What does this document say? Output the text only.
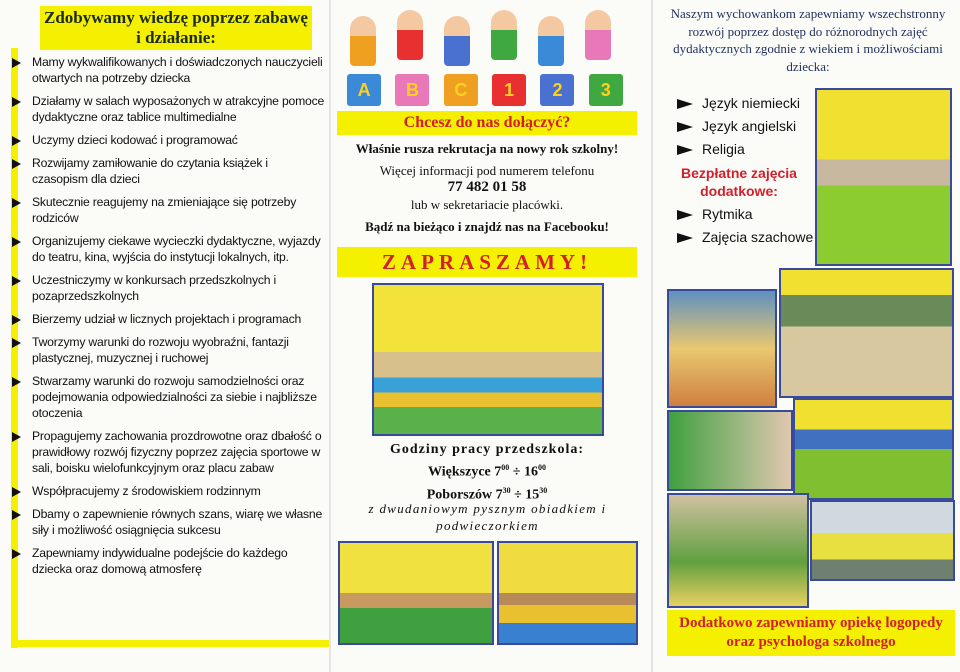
Zdobywamy wiedzę poprzez zabawę i działanie:
Mamy wykwalifikowanych i doświadczonych nauczycieli otwartych na potrzeby dziecka
Działamy w salach wyposażonych w atrakcyjne pomoce dydaktyczne oraz tablice multimedialne
Uczymy dzieci kodować i programować
Rozwijamy zamiłowanie do czytania książek i czasopism dla dzieci
Skutecznie reagujemy na zmieniające się potrzeby rodziców
Organizujemy ciekawe wycieczki dydaktyczne, wyjazdy do teatru, kina, wyjścia do instytucji lokalnych, itp.
Uczestniczymy w konkursach przedszkolnych i pozaprzedszkolnych
Bierzemy udział w licznych projektach i programach
Tworzymy warunki do rozwoju wyobraźni, fantazji plastycznej, muzycznej i ruchowej
Stwarzamy warunki do rozwoju samodzielności oraz podejmowania odpowiedzialności za siebie i najbliższe otoczenia
Propagujemy zachowania prozdrowotne oraz dbałość o prawidłowy rozwój fizyczny poprzez zajęcia sportowe w sali, boisku wielofunkcyjnym oraz placu zabaw
Współpracujemy z środowiskiem rodzinnym
Dbamy o zapewnienie równych szans, wiarę we własne siły i możliwość osiągnięcia sukcesu
Zapewniamy indywidualne podejście do każdego dziecka oraz domową atmosferę
A	B	C	1	2	3
Chcesz do nas dołączyć?
Właśnie rusza rekrutacja na nowy rok szkolny!
Więcej informacji pod numerem telefonu
77 482 01 58
lub w sekretariacie placówki.
Bądź na bieżąco i znajdź nas na Facebooku!
ZAPRASZAMY!
Godziny pracy przedszkola:
Większyce $7^{00} \div 16^{00}$
Poborszów $7^{30} \div 15^{30}$
z dwudaniowym pysznym obiadkiem i podwieczorkiem
Naszym wychowankom zapewniamy wszechstronny rozwój poprzez dostęp do różnorodnych zajęć dydaktycznych zgodnie z wiekiem i możliwościami dziecka:
Język niemiecki
Język angielski
Religia
Bezpłatne zajęcia dodatkowe:
Rytmika
Zajęcia szachowe
Dodatkowo zapewniamy opiekę logopedy oraz psychologa szkolnego
